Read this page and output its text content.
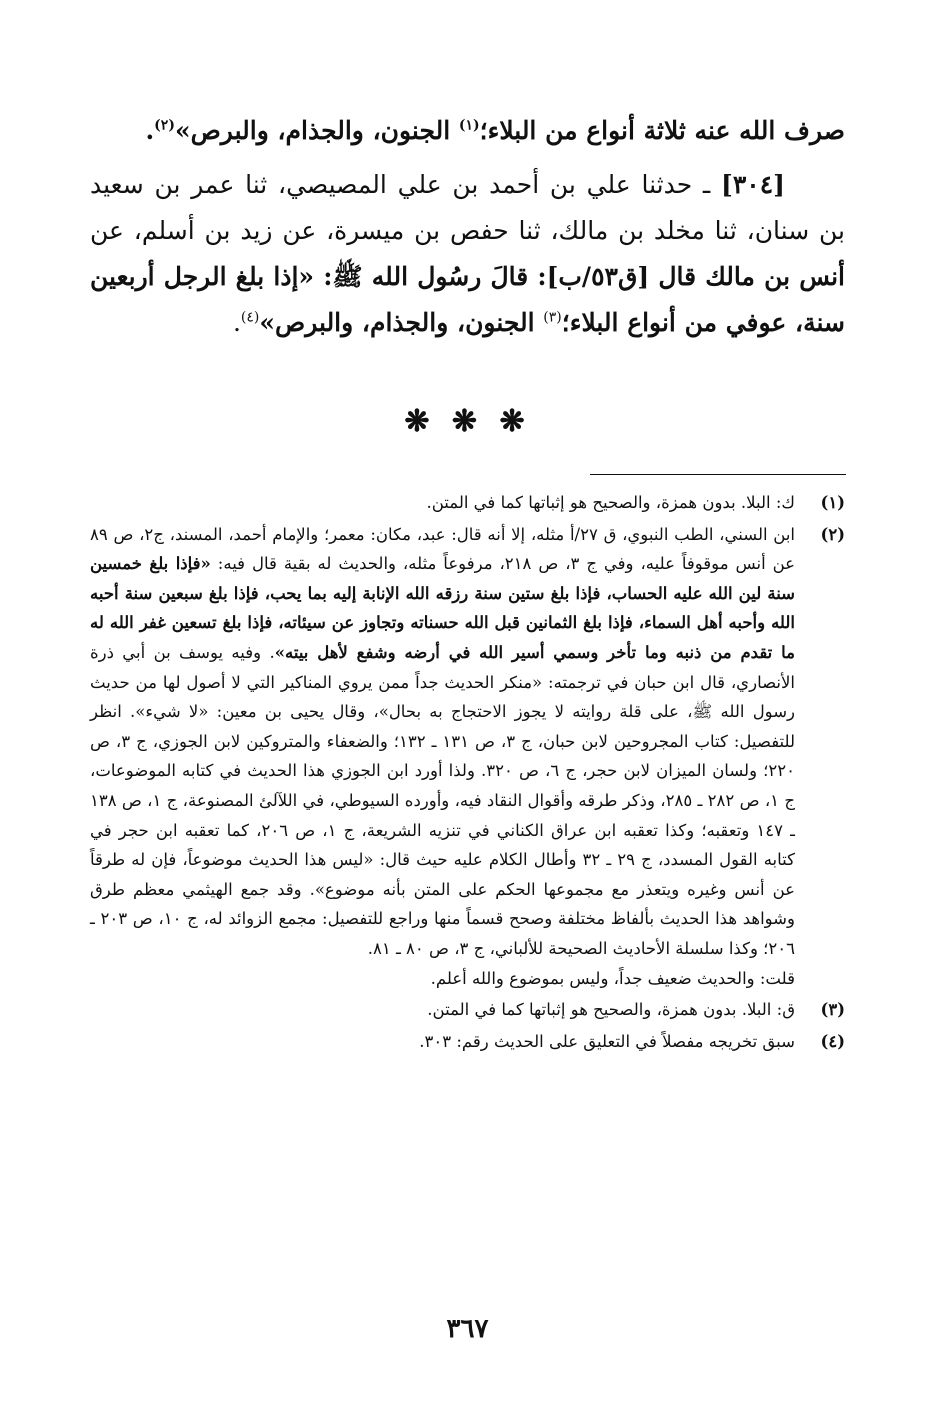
صرف الله عنه ثلاثة أنواع من البلاء؛$^{(١)}$ الجنون، والجذام، والبرص»$^{(٢)}$.

[٣٠٤] ـ حدثنا علي بن أحمد بن علي المصيصي، ثنا عمر بن سعيد بن سنان، ثنا مخلد بن مالك، ثنا حفص بن ميسرة، عن زيد بن أسلم، عن أنس بن مالك قال [ق٥٣/ب]: قالَ رسُول الله ﷺ: «إذا بلغ الرجل أربعين سنة، عوفي من أنواع البلاء؛$^{(٣)}$ الجنون، والجذام، والبرص»$^{(٤)}$.

❋ ❋ ❋
(١)
ك: البلا. بدون همزة، والصحيح هو إثباتها كما في المتن.
(٢)
ابن السني، الطب النبوي، ق ٢٧/أ مثله، إلا أنه قال: عبد، مكان: معمر؛ والإمام أحمد، المسند، ج٢، ص ٨٩ عن أنس موقوفاً عليه، وفي ج ٣، ص ٢١٨، مرفوعاً مثله، والحديث له بقية قال فيه: «فإذا بلغ خمسين سنة لين الله عليه الحساب، فإذا بلغ ستين سنة رزقه الله الإنابة إليه بما يحب، فإذا بلغ سبعين سنة أحبه الله وأحبه أهل السماء، فإذا بلغ الثمانين قبل الله حسناته وتجاوز عن سيئاته، فإذا بلغ تسعين غفر الله له ما تقدم من ذنبه وما تأخر وسمي أسير الله في أرضه وشفع لأهل بيته». وفيه يوسف بن أبي ذرة الأنصاري، قال ابن حبان في ترجمته: «منكر الحديث جداً ممن يروي المناكير التي لا أصول لها من حديث رسول الله ﷺ، على قلة روايته لا يجوز الاحتجاج به بحال»، وقال يحيى بن معين: «لا شيء». انظر للتفصيل: كتاب المجروحين لابن حبان، ج ٣، ص ١٣١ ـ ١٣٢؛ والضعفاء والمتروكين لابن الجوزي، ج ٣، ص ٢٢٠؛ ولسان الميزان لابن حجر، ج ٦، ص ٣٢٠. ولذا أورد ابن الجوزي هذا الحديث في كتابه الموضوعات، ج ١، ص ٢٨٢ ـ ٢٨٥، وذكر طرقه وأقوال النقاد فيه، وأورده السيوطي، في اللآلئ المصنوعة، ج ١، ص ١٣٨ ـ ١٤٧ وتعقبه؛ وكذا تعقبه ابن عراق الكناني في تنزيه الشريعة، ج ١، ص ٢٠٦، كما تعقبه ابن حجر في كتابه القول المسدد، ج ٢٩ ـ ٣٢ وأطال الكلام عليه حيث قال: «ليس هذا الحديث موضوعاً، فإن له طرقاً عن أنس وغيره ويتعذر مع مجموعها الحكم على المتن بأنه موضوع». وقد جمع الهيثمي معظم طرق وشواهد هذا الحديث بألفاظ مختلفة وصحح قسماً منها وراجع للتفصيل: مجمع الزوائد له، ج ١٠، ص ٢٠٣ ـ ٢٠٦؛ وكذا سلسلة الأحاديث الصحيحة للألباني، ج ٣، ص ٨٠ ـ ٨١.
قلت: والحديث ضعيف جداً، وليس بموضوع والله أعلم.
(٣)
ق: البلا. بدون همزة، والصحيح هو إثباتها كما في المتن.
(٤)
سبق تخريجه مفصلاً في التعليق على الحديث رقم: ٣٠٣.
٣٦٧
